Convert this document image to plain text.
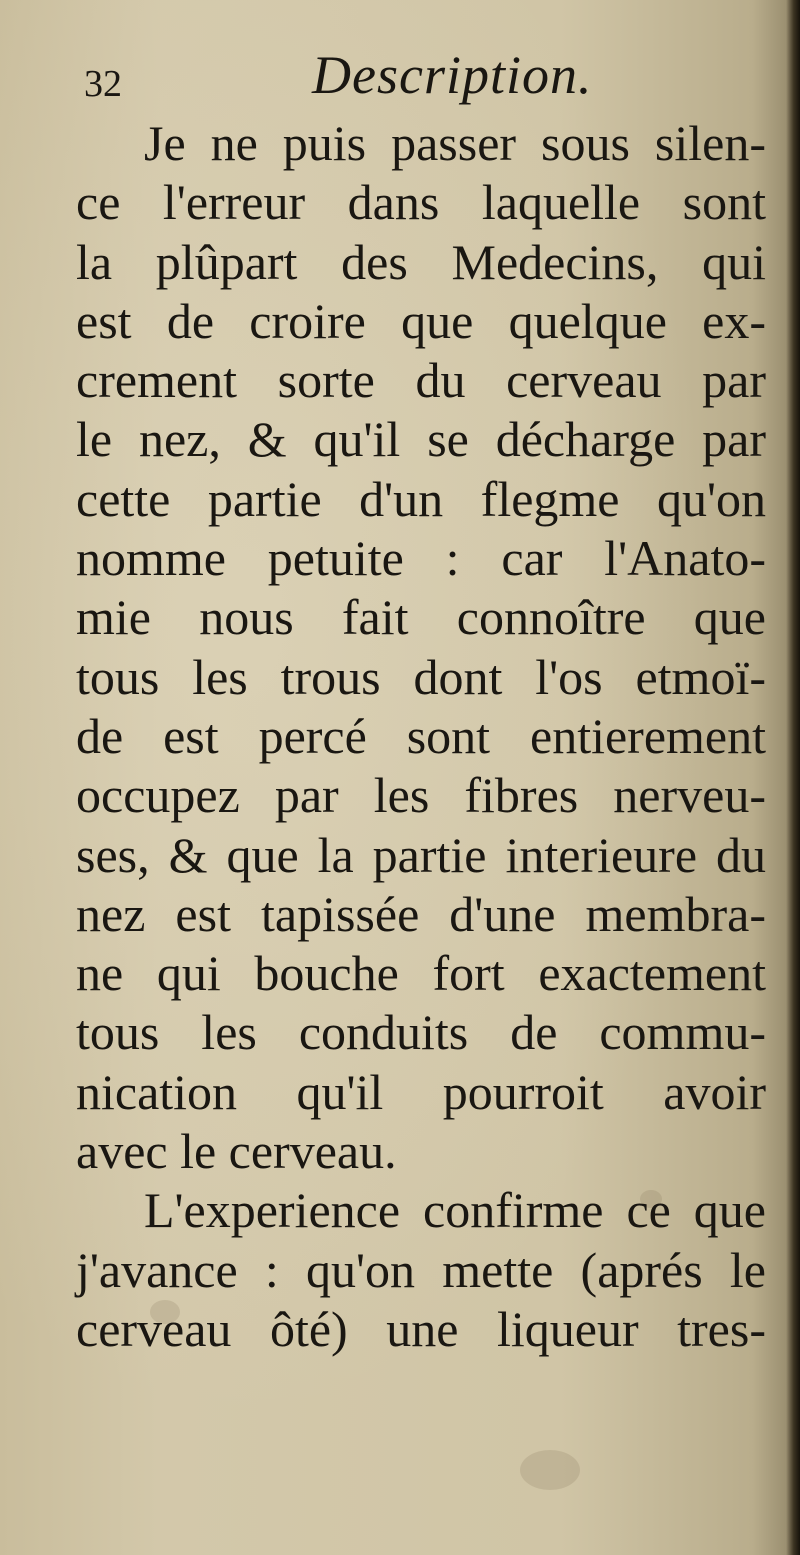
32	Description.
Je ne puis passer sous silen-
ce l'erreur dans laquelle sont
la plûpart des Medecins, qui
est de croire que quelque ex-
crement sorte du cerveau par
le nez, & qu'il se décharge par
cette partie d'un flegme qu'on
nomme petuite : car l'Anato-
mie nous fait connoître que
tous les trous dont l'os etmoï-
de est percé sont entierement
occupez par les fibres nerveu-
ses, & que la partie interieure du
nez est tapissée d'une membra-
ne qui bouche fort exactement
tous les conduits de commu-
nication qu'il pourroit avoir
avec le cerveau.
L'experience confirme ce que
j'avance : qu'on mette (aprés le
cerveau ôté) une liqueur tres-
